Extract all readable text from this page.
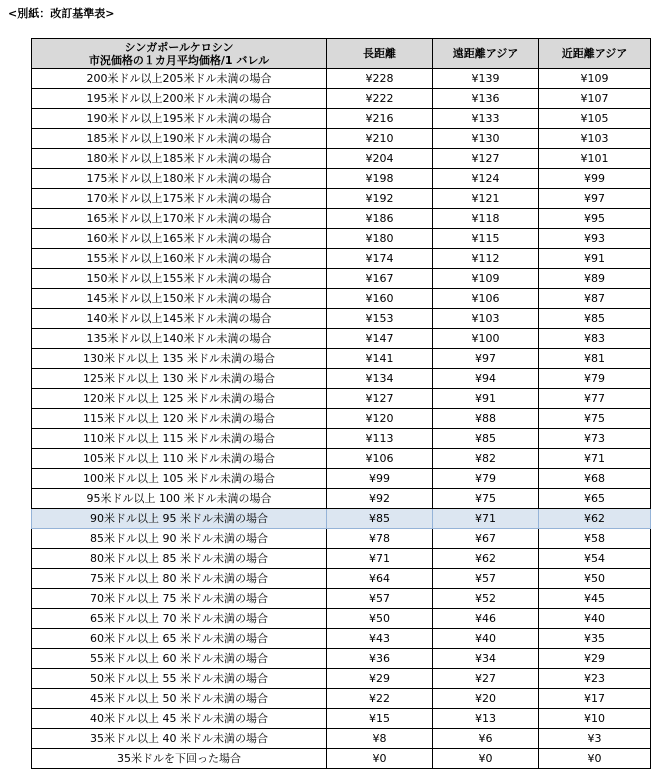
<別紙：改訂基準表>
シンガポールケロシン
市況価格の１カ月平均価格/1 バレル	長距離	遠距離アジア	近距離アジア
200米ドル以上205米ドル未満の場合	¥228	¥139	¥109
195米ドル以上200米ドル未満の場合	¥222	¥136	¥107
190米ドル以上195米ドル未満の場合	¥216	¥133	¥105
185米ドル以上190米ドル未満の場合	¥210	¥130	¥103
180米ドル以上185米ドル未満の場合	¥204	¥127	¥101
175米ドル以上180米ドル未満の場合	¥198	¥124	¥99
170米ドル以上175米ドル未満の場合	¥192	¥121	¥97
165米ドル以上170米ドル未満の場合	¥186	¥118	¥95
160米ドル以上165米ドル未満の場合	¥180	¥115	¥93
155米ドル以上160米ドル未満の場合	¥174	¥112	¥91
150米ドル以上155米ドル未満の場合	¥167	¥109	¥89
145米ドル以上150米ドル未満の場合	¥160	¥106	¥87
140米ドル以上145米ドル未満の場合	¥153	¥103	¥85
135米ドル以上140米ドル未満の場合	¥147	¥100	¥83
130米ドル以上 135 米ドル未満の場合	¥141	¥97	¥81
125米ドル以上 130 米ドル未満の場合	¥134	¥94	¥79
120米ドル以上 125 米ドル未満の場合	¥127	¥91	¥77
115米ドル以上 120 米ドル未満の場合	¥120	¥88	¥75
110米ドル以上 115 米ドル未満の場合	¥113	¥85	¥73
105米ドル以上 110 米ドル未満の場合	¥106	¥82	¥71
100米ドル以上 105 米ドル未満の場合	¥99	¥79	¥68
95米ドル以上 100 米ドル未満の場合	¥92	¥75	¥65
90米ドル以上 95 米ドル未満の場合	¥85	¥71	¥62
85米ドル以上 90 米ドル未満の場合	¥78	¥67	¥58
80米ドル以上 85 米ドル未満の場合	¥71	¥62	¥54
75米ドル以上 80 米ドル未満の場合	¥64	¥57	¥50
70米ドル以上 75 米ドル未満の場合	¥57	¥52	¥45
65米ドル以上 70 米ドル未満の場合	¥50	¥46	¥40
60米ドル以上 65 米ドル未満の場合	¥43	¥40	¥35
55米ドル以上 60 米ドル未満の場合	¥36	¥34	¥29
50米ドル以上 55 米ドル未満の場合	¥29	¥27	¥23
45米ドル以上 50 米ドル未満の場合	¥22	¥20	¥17
40米ドル以上 45 米ドル未満の場合	¥15	¥13	¥10
35米ドル以上 40 米ドル未満の場合	¥8	¥6	¥3
35米ドルを下回った場合	¥0	¥0	¥0
